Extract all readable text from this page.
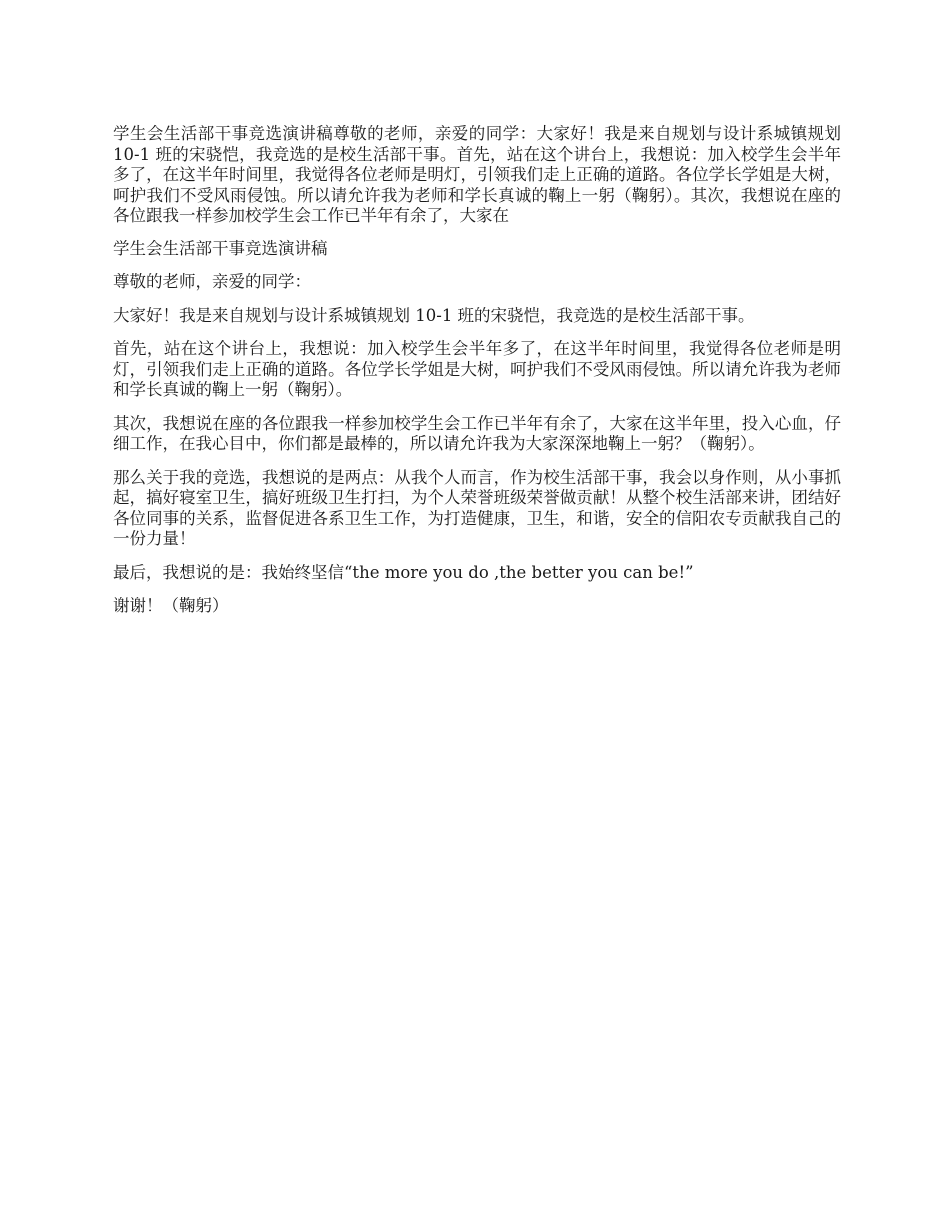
学生会生活部干事竞选演讲稿尊敬的老师，亲爱的同学：大家好！我是来自规划与设计系城镇规划 10-1 班的宋骁恺，我竞选的是校生活部干事。首先，站在这个讲台上，我想说：加入校学生会半年多了，在这半年时间里，我觉得各位老师是明灯，引领我们走上正确的道路。各位学长学姐是大树，呵护我们不受风雨侵蚀。所以请允许我为老师和学长真诚的鞠上一躬（鞠躬）。其次，我想说在座的各位跟我一样参加校学生会工作已半年有余了，大家在

学生会生活部干事竞选演讲稿

尊敬的老师，亲爱的同学：

大家好！我是来自规划与设计系城镇规划 10-1 班的宋骁恺，我竞选的是校生活部干事。

首先，站在这个讲台上，我想说：加入校学生会半年多了，在这半年时间里，我觉得各位老师是明灯，引领我们走上正确的道路。各位学长学姐是大树，呵护我们不受风雨侵蚀。所以请允许我为老师和学长真诚的鞠上一躬（鞠躬）。

其次，我想说在座的各位跟我一样参加校学生会工作已半年有余了，大家在这半年里，投入心血，仔细工作，在我心目中，你们都是最棒的，所以请允许我为大家深深地鞠上一躬？（鞠躬）。

那么关于我的竞选，我想说的是两点：从我个人而言，作为校生活部干事，我会以身作则，从小事抓起，搞好寝室卫生，搞好班级卫生打扫，为个人荣誉班级荣誉做贡献！从整个校生活部来讲，团结好各位同事的关系，监督促进各系卫生工作，为打造健康，卫生，和谐，安全的信阳农专贡献我自己的一份力量！

最后，我想说的是：我始终坚信“the more you do ,the better you can be!”

谢谢！（鞠躬）
